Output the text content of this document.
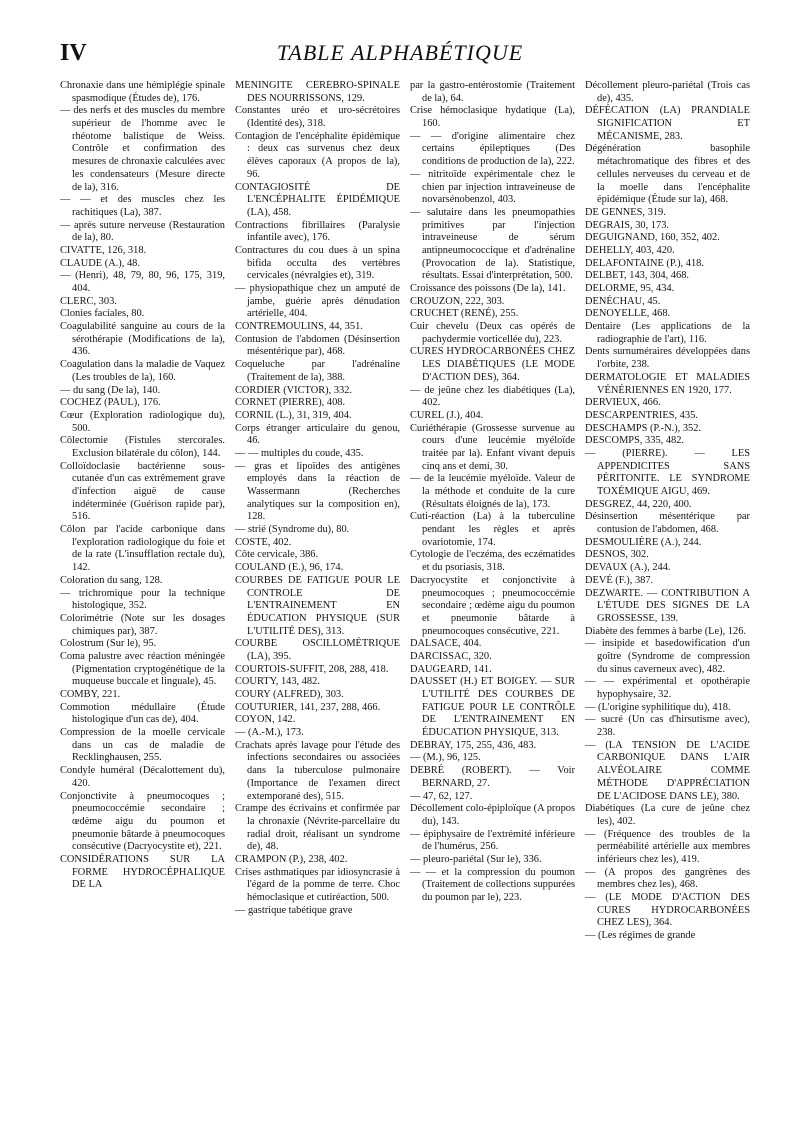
IV	TABLE ALPHABÉTIQUE

Chronaxie dans une hémiplégie spinale spasmodique (Études de), 176.

— des nerfs et des muscles du membre supérieur de l'homme avec le rhéotome balistique de Weiss. Contrôle et confirmation des mesures de chronaxie calculées avec les condensateurs (Mesure directe de la), 316.

— — et des muscles chez les rachitiques (La), 387.

— après suture nerveuse (Restauration de la), 80.

CIVATTE, 126, 318.

CLAUDE (A.), 48.

— (Henri), 48, 79, 80, 96, 175, 319, 404.

CLERC, 303.

Clonies faciales, 80.

Coagulabilité sanguine au cours de la sérothérapie (Modifications de la), 436.

Coagulation dans la maladie de Vaquez (Les troubles de la), 160.

— du sang (De la), 140.

COCHEZ (PAUL), 176.

Cœur (Exploration radiologique du), 500.

Côlectomie (Fistules stercorales. Exclusion bilatérale du côlon), 144.

Colloïdoclasie bactérienne sous-cutanée d'un cas extrêmement grave d'infection aiguë de cause indéterminée (Guérison rapide par), 516.

Côlon par l'acide carbonique dans l'exploration radiologique du foie et de la rate (L'insufflation rectale du), 142.

Coloration du sang, 128.

— trichromique pour la technique histologique, 352.

Colorimétrie (Note sur les dosages chimiques par), 387.

Colostrum (Sur le), 95.

Coma palustre avec réaction méningée (Pigmentation cryptogénétique de la muqueuse buccale et linguale), 45.

COMBY, 221.

Commotion médullaire (Étude histologique d'un cas de), 404.

Compression de la moelle cervicale dans un cas de maladie de Recklinghausen, 255.

Condyle huméral (Décalottement du), 420.

Conjonctivite à pneumocoques ; pneumococcémie secondaire ; œdème aigu du poumon et pneumonie bâtarde à pneumocoques consécutive (Dacryocystite et), 221.

CONSIDÉRATIONS SUR LA FORME HYDROCÉPHALIQUE DE LA

MÉNINGITE CÉRÉBRO-SPINALE DES NOURRISSONS, 129.

Constantes uréo et uro-sécrétoires (Identité des), 318.

Contagion de l'encéphalite épidémique : deux cas survenus chez deux élèves caporaux (A propos de la), 96.

CONTAGIOSITÉ DE L'ENCÉPHALITE ÉPIDÉMIQUE (LA), 458.

Contractions fibrillaires (Paralysie infantile avec), 176.

Contractures du cou dues à un spina bifida occulta des vertèbres cervicales (névralgies et), 319.

— physiopathique chez un amputé de jambe, guérie après dénudation artérielle, 404.

CONTREMOULINS, 44, 351.

Contusion de l'abdomen (Désinsertion mésentérique par), 468.

Coqueluche par l'adrénaline (Traitement de la), 388.

CORDIER (VICTOR), 332.

CORNET (PIERRE), 408.

CORNIL (L.), 31, 319, 404.

Corps étranger articulaire du genou, 46.

— — multiples du coude, 435.

— gras et lipoïdes des antigènes employés dans la réaction de Wassermann (Recherches analytiques sur la composition en), 128.

— strié (Syndrome du), 80.

COSTE, 402.

Côte cervicale, 386.

COULAND (E.), 96, 174.

COURBES DE FATIGUE POUR LE CONTROLE DE L'ENTRAINEMENT EN ÉDUCATION PHYSIQUE (SUR L'UTILITÉ DES), 313.

COURBE OSCILLOMÉTRIQUE (LA), 395.

COURTOIS-SUFFIT, 208, 288, 418.

COURTY, 143, 482.

COURY (ALFRED), 303.

COUTURIER, 141, 237, 288, 466.

COYON, 142.

— (A.-M.), 173.

Crachats après lavage pour l'étude des infections secondaires ou associées dans la tuberculose pulmonaire (Importance de l'examen direct extemporané des), 515.

Crampe des écrivains et confirmée par la chronaxie (Névrite-parcellaire du radial droit, réalisant un syndrome de), 48.

CRAMPON (P.), 238, 402.

Crises asthmatiques par idiosyncrasie à l'égard de la pomme de terre. Choc hémoclasique et cutiréaction, 500.

— gastrique tabétique grave

par la gastro-entérostomie (Traitement de la), 64.

Crise hémoclasique hydatique (La), 160.

— — d'origine alimentaire chez certains épileptiques (Des conditions de production de la), 222.

— nitritoïde expérimentale chez le chien par injection intraveineuse de novarsénobenzol, 403.

— salutaire dans les pneumopathies primitives par l'injection intraveineuse de sérum antipneumococcique et d'adrénaline (Provocation de la). Statistique, résultats. Essai d'interprétation, 500.

Croissance des poissons (De la), 141.

CROUZON, 222, 303.

CRUCHET (RENÉ), 255.

Cuir chevelu (Deux cas opérés de pachydermie vorticellée du), 223.

CURES HYDROCARBONÉES CHEZ LES DIABÉTIQUES (LE MODE D'ACTION DES), 364.

— de jeûne chez les diabétiques (La), 402.

CUREL (J.), 404.

Curiéthérapie (Grossesse survenue au cours d'une leucémie myéloïde traitée par la). Enfant vivant depuis cinq ans et demi, 30.

— de la leucémie myéloïde. Valeur de la méthode et conduite de la cure (Résultats éloignés de la), 173.

Cuti-réaction (La) à la tuberculine pendant les règles et après ovariotomie, 174.

Cytologie de l'eczéma, des eczématides et du psoriasis, 318.

Dacryocystite et conjonctivite à pneumocoques ; pneumococcémie secondaire ; œdème aigu du poumon et pneumonie bâtarde à pneumocoques consécutive, 221.

DALSACE, 404.

DARCISSAC, 320.

DAUGEARD, 141.

DAUSSET (H.) ET BOIGEY. — SUR L'UTILITÉ DES COURBES DE FATIGUE POUR LE CONTRÔLE DE L'ENTRAINEMENT EN ÉDUCATION PHYSIQUE, 313.

DEBRAY, 175, 255, 436, 483.

— (M.), 96, 125.

DEBRÉ (ROBERT). — Voir BERNARD, 27.

— 47, 62, 127.

Décollement colo-épiploïque (A propos du), 143.

— épiphysaire de l'extrémité inférieure de l'humérus, 256.

— pleuro-pariétal (Sur le), 336.

— — et la compression du poumon (Traitement de collections suppurées du poumon par le), 223.

Décollement pleuro-pariétal (Trois cas de), 435.

DÉFÉCATION (LA) PRANDIALE SIGNIFICATION ET MÉCANISME, 283.

Dégénération basophile métachromatique des fibres et des cellules nerveuses du cerveau et de la moelle dans l'encéphalite épidémique (Étude sur la), 468.

DE GENNES, 319.

DEGRAIS, 30, 173.

DEGUIGNAND, 160, 352, 402.

DEHELLY, 403, 420.

DELAFONTAINE (P.), 418.

DELBET, 143, 304, 468.

DELORME, 95, 434.

DENÉCHAU, 45.

DENOYELLE, 468.

Dentaire (Les applications de la radiographie de l'art), 116.

Dents surnuméraires développées dans l'orbite, 238.

DERMATOLOGIE ET MALADIES VÉNÉRIENNES EN 1920, 177.

DERVIEUX, 466.

DESCARPENTRIES, 435.

DESCHAMPS (P.-N.), 352.

DESCOMPS, 335, 482.

— (PIERRE). — LES APPENDICITES SANS PÉRITONITE. LE SYNDROME TOXÉMIQUE AIGU, 469.

DESGREZ, 44, 220, 400.

Désinsertion mésentérique par contusion de l'abdomen, 468.

DESMOULIÈRE (A.), 244.

DESNOS, 302.

DEVAUX (A.), 244.

DEVÉ (F.), 387.

DEZWARTE. — CONTRIBUTION A L'ÉTUDE DES SIGNES DE LA GROSSESSE, 139.

Diabète des femmes à barbe (Le), 126.

— insipide et basedowification d'un goître (Syndrome de compression du sinus caverneux avec), 482.

— — expérimental et opothérapie hypophysaire, 32.

— (L'origine syphilitique du), 418.

— sucré (Un cas d'hirsutisme avec), 238.

— (LA TENSION DE L'ACIDE CARBONIQUE DANS L'AIR ALVÉOLAIRE COMME MÉTHODE D'APPRÉCIATION DE L'ACIDOSE DANS LE), 380.

Diabétiques (La cure de jeûne chez les), 402.

— (Fréquence des troubles de la perméabilité artérielle aux membres inférieurs chez les), 419.

— (A propos des gangrènes des membres chez les), 468.

— (LE MODE D'ACTION DES CURES HYDROCARBONÉES CHEZ LES), 364.

— (Les régimes de grande
